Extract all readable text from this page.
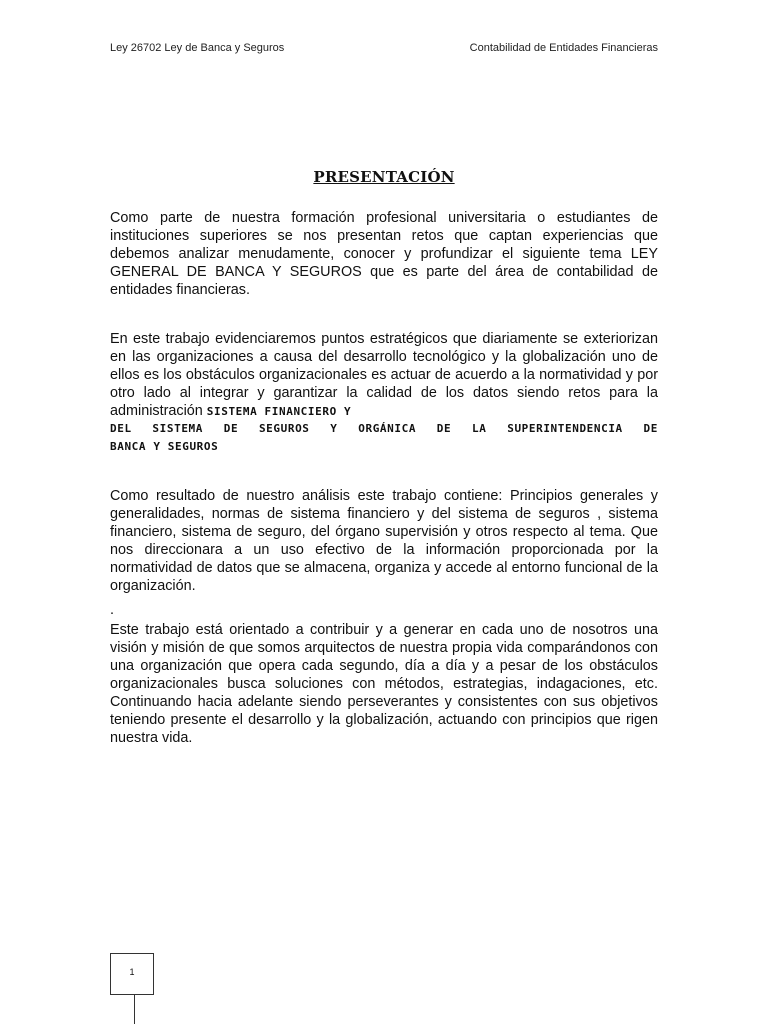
Ley 26702 Ley de Banca y Seguros	Contabilidad de Entidades Financieras
PRESENTACIÓN

Como parte de nuestra formación profesional universitaria o estudiantes de instituciones superiores se nos presentan retos que captan experiencias que debemos analizar menudamente, conocer y profundizar el siguiente tema LEY GENERAL DE BANCA Y SEGUROS que es parte del área de contabilidad de entidades financieras.

En este trabajo evidenciaremos puntos estratégicos que diariamente se exteriorizan en las organizaciones a causa del desarrollo tecnológico y la globalización uno de ellos es los obstáculos organizacionales es actuar de acuerdo a la normatividad y por otro lado al integrar y garantizar la calidad de los datos siendo retos para la administración SISTEMA FINANCIERO Y

DEL SISTEMA DE SEGUROS Y ORGÁNICA DE LA SUPERINTENDENCIA DE
BANCA Y SEGUROS

Como resultado de nuestro análisis este trabajo contiene: Principios generales y generalidades, normas de sistema financiero y del sistema de seguros , sistema financiero, sistema de seguro, del órgano supervisión y otros respecto al tema. Que nos direccionara a un uso efectivo de la información proporcionada por la normatividad de datos que se almacena, organiza y accede al entorno funcional de la organización.

.

Este trabajo está orientado a contribuir y a generar en cada uno de nosotros una visión y misión de que somos arquitectos de nuestra propia vida comparándonos con una organización que opera cada segundo, día a día y a pesar de los obstáculos organizacionales busca soluciones con métodos, estrategias, indagaciones, etc. Continuando hacia adelante siendo perseverantes y consistentes con sus objetivos teniendo presente el desarrollo y la globalización, actuando con principios que rigen nuestra vida.

1
